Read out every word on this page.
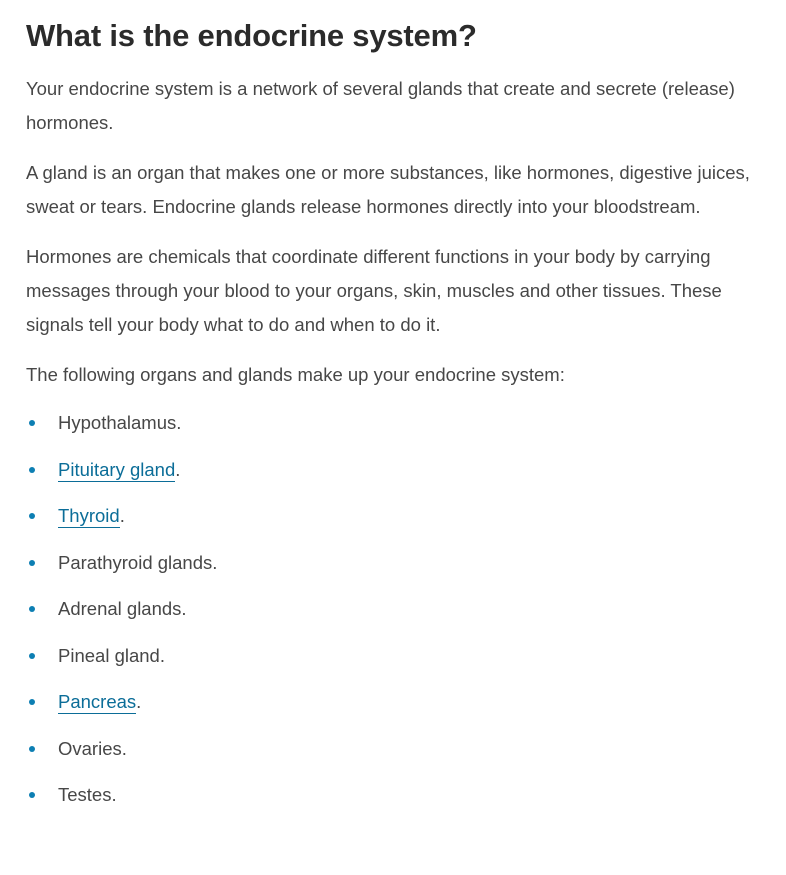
What is the endocrine system?

Your endocrine system is a network of several glands that create and secrete (release) hormones.

A gland is an organ that makes one or more substances, like hormones, digestive juices, sweat or tears. Endocrine glands release hormones directly into your bloodstream.

Hormones are chemicals that coordinate different functions in your body by carrying messages through your blood to your organs, skin, muscles and other tissues. These signals tell your body what to do and when to do it.

The following organs and glands make up your endocrine system:

Hypothalamus.
Pituitary gland.
Thyroid.
Parathyroid glands.
Adrenal glands.
Pineal gland.
Pancreas.
Ovaries.
Testes.
